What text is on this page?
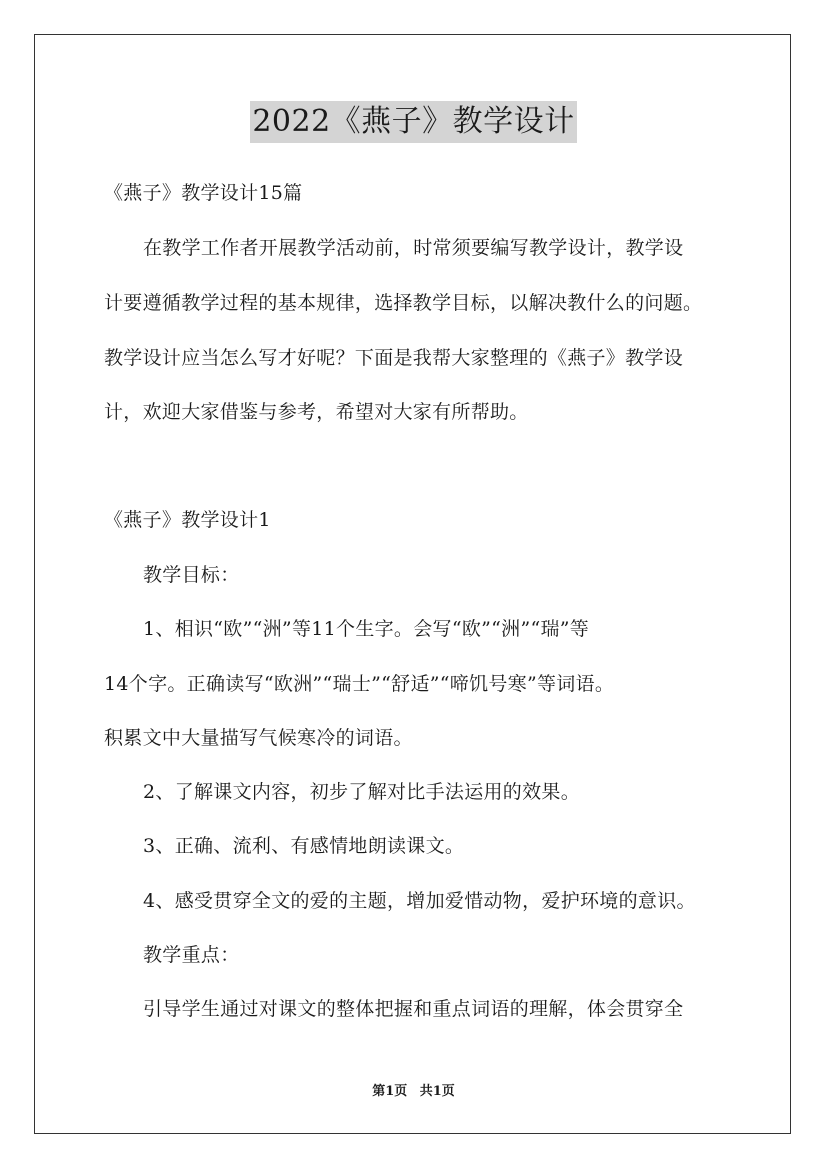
2022《燕子》教学设计
《燕子》教学设计15篇
在教学工作者开展教学活动前，时常须要编写教学设计，教学设
计要遵循教学过程的基本规律，选择教学目标，以解决教什么的问题。
教学设计应当怎么写才好呢？下面是我帮大家整理的《燕子》教学设
计，欢迎大家借鉴与参考，希望对大家有所帮助。
《燕子》教学设计1
教学目标：
1、相识“欧”“洲”等11个生字。会写“欧”“洲”“瑞”等
14个字。正确读写“欧洲”“瑞士”“舒适”“啼饥号寒”等词语。
积累文中大量描写气候寒冷的词语。
2、了解课文内容，初步了解对比手法运用的效果。
3、正确、流利、有感情地朗读课文。
4、感受贯穿全文的爱的主题，增加爱惜动物，爱护环境的意识。
教学重点：
引导学生通过对课文的整体把握和重点词语的理解，体会贯穿全
第1页 共1页
